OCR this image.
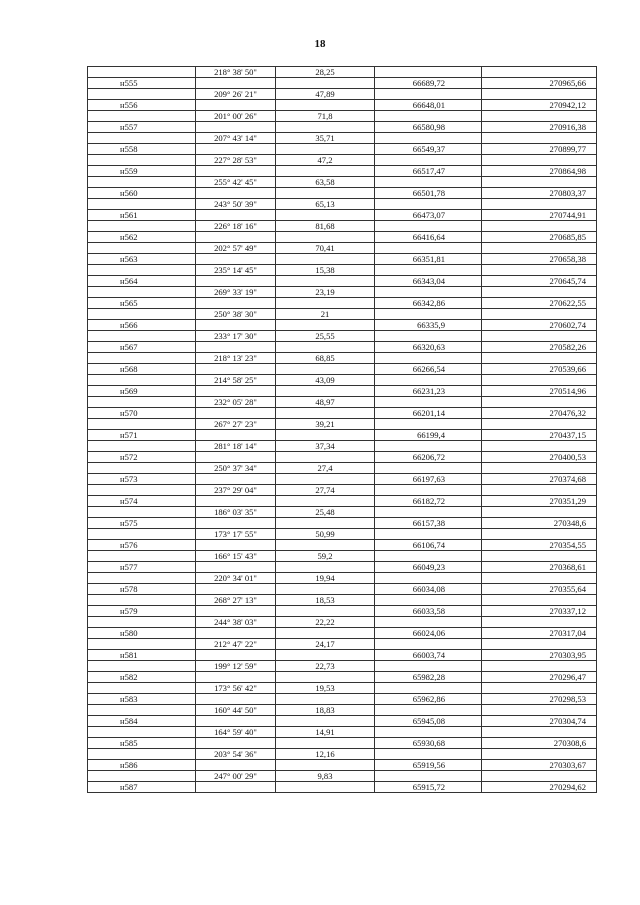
18
	218° 38' 50"	28,25		
н555			66689,72	270965,66
	209° 26' 21"	47,89		
н556			66648,01	270942,12
	201° 00' 26"	71,8		
н557			66580,98	270916,38
	207° 43' 14"	35,71		
н558			66549,37	270899,77
	227° 28' 53"	47,2		
н559			66517,47	270864,98
	255° 42' 45"	63,58		
н560			66501,78	270803,37
	243° 50' 39"	65,13		
н561			66473,07	270744,91
	226° 18' 16"	81,68		
н562			66416,64	270685,85
	202° 57' 49"	70,41		
н563			66351,81	270658,38
	235° 14' 45"	15,38		
н564			66343,04	270645,74
	269° 33' 19"	23,19		
н565			66342,86	270622,55
	250° 38' 30"	21		
н566			66335,9	270602,74
	233° 17' 30"	25,55		
н567			66320,63	270582,26
	218° 13' 23"	68,85		
н568			66266,54	270539,66
	214° 58' 25"	43,09		
н569			66231,23	270514,96
	232° 05' 28"	48,97		
н570			66201,14	270476,32
	267° 27' 23"	39,21		
н571			66199,4	270437,15
	281° 18' 14"	37,34		
н572			66206,72	270400,53
	250° 37' 34"	27,4		
н573			66197,63	270374,68
	237° 29' 04"	27,74		
н574			66182,72	270351,29
	186° 03' 35"	25,48		
н575			66157,38	270348,6
	173° 17' 55"	50,99		
н576			66106,74	270354,55
	166° 15' 43"	59,2		
н577			66049,23	270368,61
	220° 34' 01"	19,94		
н578			66034,08	270355,64
	268° 27' 13"	18,53		
н579			66033,58	270337,12
	244° 38' 03"	22,22		
н580			66024,06	270317,04
	212° 47' 22"	24,17		
н581			66003,74	270303,95
	199° 12' 59"	22,73		
н582			65982,28	270296,47
	173° 56' 42"	19,53		
н583			65962,86	270298,53
	160° 44' 50"	18,83		
н584			65945,08	270304,74
	164° 59' 40"	14,91		
н585			65930,68	270308,6
	203° 54' 36"	12,16		
н586			65919,56	270303,67
	247° 00' 29"	9,83		
н587			65915,72	270294,62
